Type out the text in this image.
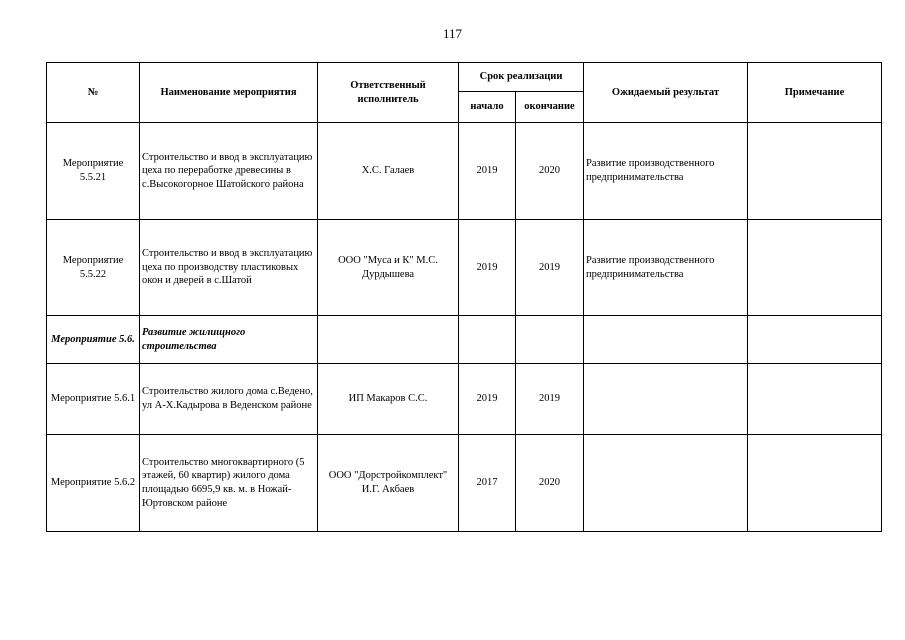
117
№	Наименование мероприятия	Ответственный исполнитель	Срок реализации		Ожидаемый результат	Примечание
			начало	окончание		
Мероприятие 5.5.21	Строительство и ввод в эксплуатацию цеха по переработке древесины в с.Высокогорное Шатойского района	Х.С. Галаев	2019	2020	Развитие производственного предпринимательства	
Мероприятие 5.5.22	Строительство и ввод в эксплуатацию цеха по производству пластиковых окон и дверей в с.Шатой	ООО "Муса и К" М.С. Дурдышева	2019	2019	Развитие производственного предпринимательства	
Мероприятие 5.6.	Развитие жилищного строительства					
Мероприятие 5.6.1	Строительство жилого дома с.Ведено, ул А-Х.Кадырова в Веденском районе	ИП Макаров С.С.	2019	2019		
Мероприятие 5.6.2	Строительство многоквартирного (5 этажей, 60 квартир) жилого дома площадью 6695,9 кв. м. в Ножай-Юртовском районе	ООО "Дорстройкомплект" И.Г. Акбаев	2017	2020		
